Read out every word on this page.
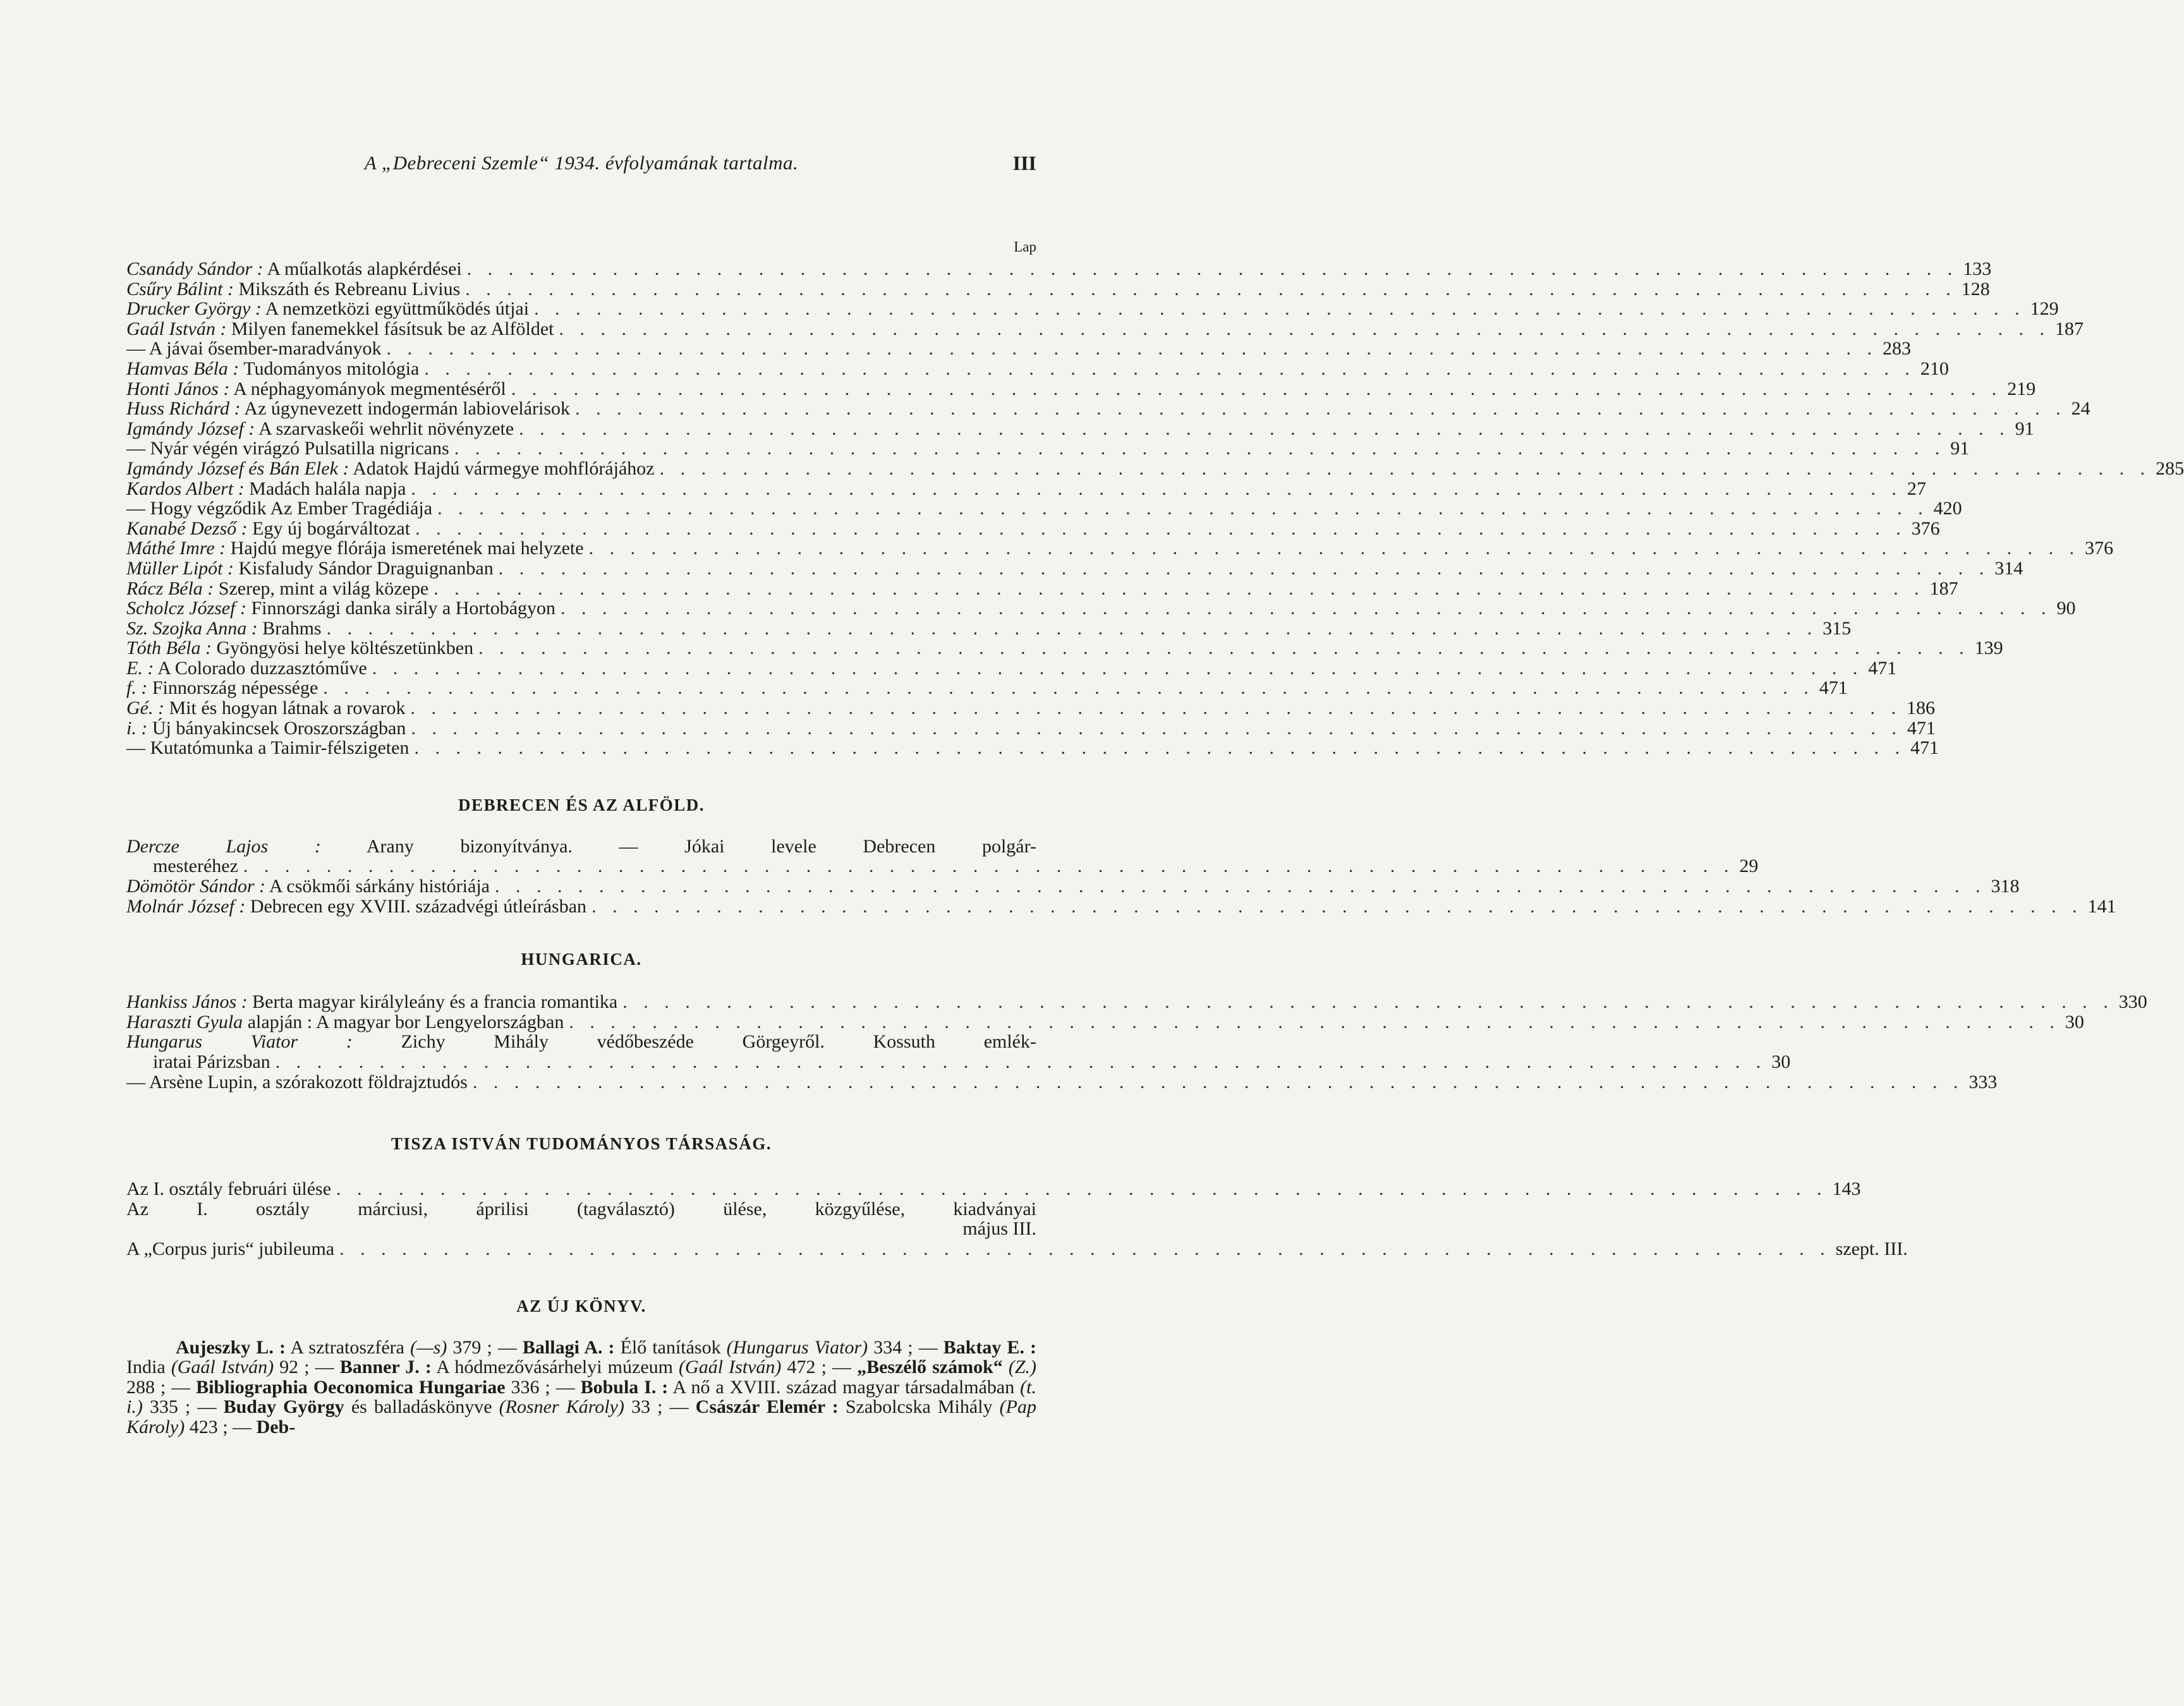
A „Debreceni Szemle“ 1934. évfolyamának tartalma.	III
Lap
Csanády Sándor : A műalkotás alapkérdései . . . . . . . . . . . . . . . . . . . . . . . . . . . . . . . . . . . . . . . . . . . . . . . . . . . . . . . . . . . . . . . . . . . . . . . . 133
Csűry Bálint : Mikszáth és Rebreanu Livius . . . . . . . . . . . . . . . . . . . . . . . . . . . . . . . . . . . . . . . . . . . . . . . . . . . . . . . . . . . . . . . . . . . . . . . . 128
Drucker György : A nemzetközi együttműködés útjai . . . . . . . . . . . . . . . . . . . . . . . . . . . . . . . . . . . . . . . . . . . . . . . . . . . . . . . . . . . . . . . . . . . . . . . . 129
Gaál István : Milyen fanemekkel fásítsuk be az Alföldet . . . . . . . . . . . . . . . . . . . . . . . . . . . . . . . . . . . . . . . . . . . . . . . . . . . . . . . . . . . . . . . . . . . . . . . . 187
— A jávai ősember-maradványok . . . . . . . . . . . . . . . . . . . . . . . . . . . . . . . . . . . . . . . . . . . . . . . . . . . . . . . . . . . . . . . . . . . . . . . . 283
Hamvas Béla : Tudományos mitológia . . . . . . . . . . . . . . . . . . . . . . . . . . . . . . . . . . . . . . . . . . . . . . . . . . . . . . . . . . . . . . . . . . . . . . . . 210
Honti János : A néphagyományok megmentéséről . . . . . . . . . . . . . . . . . . . . . . . . . . . . . . . . . . . . . . . . . . . . . . . . . . . . . . . . . . . . . . . . . . . . . . . . 219
Huss Richárd : Az úgynevezett indogermán labiovelárisok . . . . . . . . . . . . . . . . . . . . . . . . . . . . . . . . . . . . . . . . . . . . . . . . . . . . . . . . . . . . . . . . . . . . . . . . 24
Igmándy József : A szarvaskeői wehrlit növényzete . . . . . . . . . . . . . . . . . . . . . . . . . . . . . . . . . . . . . . . . . . . . . . . . . . . . . . . . . . . . . . . . . . . . . . . . 91
— Nyár végén virágzó Pulsatilla nigricans . . . . . . . . . . . . . . . . . . . . . . . . . . . . . . . . . . . . . . . . . . . . . . . . . . . . . . . . . . . . . . . . . . . . . . . . 91
Igmándy József és Bán Elek : Adatok Hajdú vármegye mohflórájához . . . . . . . . . . . . . . . . . . . . . . . . . . . . . . . . . . . . . . . . . . . . . . . . . . . . . . . . . . . . . . . . . . . . . . . . 285
Kardos Albert : Madách halála napja . . . . . . . . . . . . . . . . . . . . . . . . . . . . . . . . . . . . . . . . . . . . . . . . . . . . . . . . . . . . . . . . . . . . . . . . 27
— Hogy végződik Az Ember Tragédiája . . . . . . . . . . . . . . . . . . . . . . . . . . . . . . . . . . . . . . . . . . . . . . . . . . . . . . . . . . . . . . . . . . . . . . . . 420
Kanabé Dezső : Egy új bogárváltozat . . . . . . . . . . . . . . . . . . . . . . . . . . . . . . . . . . . . . . . . . . . . . . . . . . . . . . . . . . . . . . . . . . . . . . . . 376
Máthé Imre : Hajdú megye flórája ismeretének mai helyzete . . . . . . . . . . . . . . . . . . . . . . . . . . . . . . . . . . . . . . . . . . . . . . . . . . . . . . . . . . . . . . . . . . . . . . . . 376
Müller Lipót : Kisfaludy Sándor Draguignanban . . . . . . . . . . . . . . . . . . . . . . . . . . . . . . . . . . . . . . . . . . . . . . . . . . . . . . . . . . . . . . . . . . . . . . . . 314
Rácz Béla : Szerep, mint a világ közepe . . . . . . . . . . . . . . . . . . . . . . . . . . . . . . . . . . . . . . . . . . . . . . . . . . . . . . . . . . . . . . . . . . . . . . . . 187
Scholcz József : Finnországi danka sirály a Hortobágyon . . . . . . . . . . . . . . . . . . . . . . . . . . . . . . . . . . . . . . . . . . . . . . . . . . . . . . . . . . . . . . . . . . . . . . . . 90
Sz. Szojka Anna : Brahms . . . . . . . . . . . . . . . . . . . . . . . . . . . . . . . . . . . . . . . . . . . . . . . . . . . . . . . . . . . . . . . . . . . . . . . . 315
Tóth Béla : Gyöngyösi helye költészetünkben . . . . . . . . . . . . . . . . . . . . . . . . . . . . . . . . . . . . . . . . . . . . . . . . . . . . . . . . . . . . . . . . . . . . . . . . 139
E. : A Colorado duzzasztóműve . . . . . . . . . . . . . . . . . . . . . . . . . . . . . . . . . . . . . . . . . . . . . . . . . . . . . . . . . . . . . . . . . . . . . . . . 471
f. : Finnország népessége . . . . . . . . . . . . . . . . . . . . . . . . . . . . . . . . . . . . . . . . . . . . . . . . . . . . . . . . . . . . . . . . . . . . . . . . 471
Gé. : Mit és hogyan látnak a rovarok . . . . . . . . . . . . . . . . . . . . . . . . . . . . . . . . . . . . . . . . . . . . . . . . . . . . . . . . . . . . . . . . . . . . . . . . 186
i. : Új bányakincsek Oroszországban . . . . . . . . . . . . . . . . . . . . . . . . . . . . . . . . . . . . . . . . . . . . . . . . . . . . . . . . . . . . . . . . . . . . . . . . 471
— Kutatómunka a Taimir-félszigeten . . . . . . . . . . . . . . . . . . . . . . . . . . . . . . . . . . . . . . . . . . . . . . . . . . . . . . . . . . . . . . . . . . . . . . . . 471
DEBRECEN ÉS AZ ALFÖLD.
Dercze Lajos : Arany bizonyítványa. — Jókai levele Debrecen polgár-
mesteréhez . . . . . . . . . . . . . . . . . . . . . . . . . . . . . . . . . . . . . . . . . . . . . . . . . . . . . . . . . . . . . . . . . . . . . . . . 29
Dömötör Sándor : A csökmői sárkány históriája . . . . . . . . . . . . . . . . . . . . . . . . . . . . . . . . . . . . . . . . . . . . . . . . . . . . . . . . . . . . . . . . . . . . . . . . 318
Molnár József : Debrecen egy XVIII. századvégi útleírásban . . . . . . . . . . . . . . . . . . . . . . . . . . . . . . . . . . . . . . . . . . . . . . . . . . . . . . . . . . . . . . . . . . . . . . . . 141
HUNGARICA.
Hankiss János : Berta magyar királyleány és a francia romantika . . . . . . . . . . . . . . . . . . . . . . . . . . . . . . . . . . . . . . . . . . . . . . . . . . . . . . . . . . . . . . . . . . . . . . . . 330
Haraszti Gyula alapján : A magyar bor Lengyelországban . . . . . . . . . . . . . . . . . . . . . . . . . . . . . . . . . . . . . . . . . . . . . . . . . . . . . . . . . . . . . . . . . . . . . . . . 30
Hungarus Viator :	Zichy Mihály védőbeszéde Görgeyről. Kossuth emlék-
iratai Párizsban . . . . . . . . . . . . . . . . . . . . . . . . . . . . . . . . . . . . . . . . . . . . . . . . . . . . . . . . . . . . . . . . . . . . . . . . 30
— Arsène Lupin, a szórakozott földrajztudós . . . . . . . . . . . . . . . . . . . . . . . . . . . . . . . . . . . . . . . . . . . . . . . . . . . . . . . . . . . . . . . . . . . . . . . . 333
TISZA ISTVÁN TUDOMÁNYOS TÁRSASÁG.
Az I. osztály februári ülése . . . . . . . . . . . . . . . . . . . . . . . . . . . . . . . . . . . . . . . . . . . . . . . . . . . . . . . . . . . . . . . . . . . . . . . . 143
Az I. osztály márciusi, áprilisi (tagválasztó) ülése, közgyűlése, kiadványai
május III.
A „Corpus juris“ jubileuma . . . . . . . . . . . . . . . . . . . . . . . . . . . . . . . . . . . . . . . . . . . . . . . . . . . . . . . . . . . . . . . . . . . . . . . . szept. III.
AZ ÚJ KÖNYV.
Aujeszky L. : A sztratoszféra (—s) 379 ; — Ballagi A. : Élő tanítások (Hungarus Viator) 334 ; — Baktay E. : India (Gaál István) 92 ; — Banner J. : A hódmezővásárhelyi múzeum (Gaál István) 472 ; — „Beszélő számok“ (Z.) 288 ; — Bibliographia Oeconomica Hungariae 336 ; — Bobula I. : A nő a XVIII. század magyar társadalmában (t. i.) 335 ; — Buday György és balladáskönyve (Rosner Károly) 33 ; — Császár Elemér : Szabolcska Mihály (Pap Károly) 423 ; — Deb-
